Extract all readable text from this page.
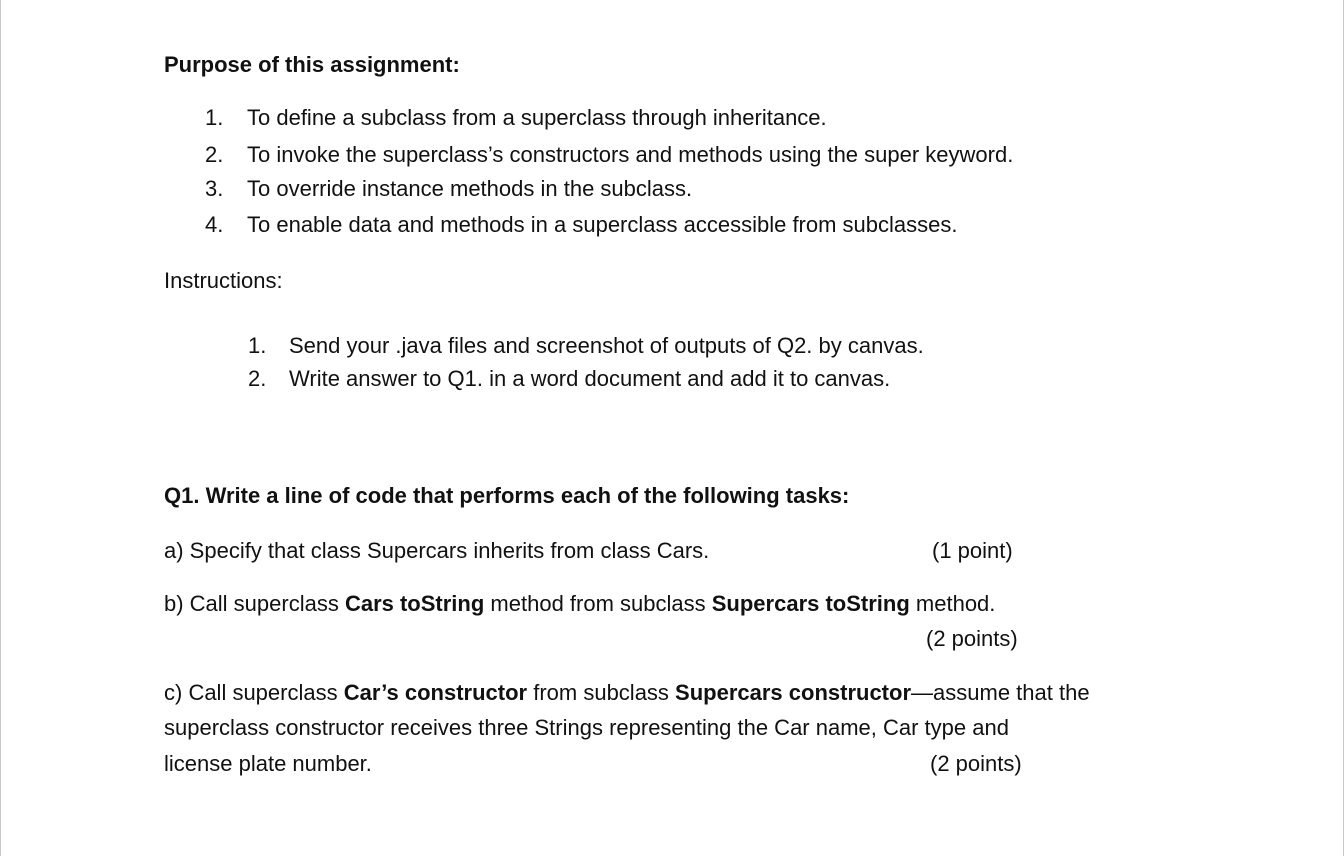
Purpose of this assignment:
1. To define a subclass from a superclass through inheritance.
2. To invoke the superclass’s constructors and methods using the super keyword.
3. To override instance methods in the subclass.
4. To enable data and methods in a superclass accessible from subclasses.
Instructions:
1. Send your .java files and screenshot of outputs of Q2. by canvas.
2. Write answer to Q1. in a word document and add it to canvas.
Q1. Write a line of code that performs each of the following tasks:
a) Specify that class Supercars inherits from class Cars.	(1 point)
b) Call superclass Cars toString method from subclass Supercars toString method.
(2 points)
c) Call superclass Car’s constructor from subclass Supercars constructor—assume that the
superclass constructor receives three Strings representing the Car name, Car type and
license plate number.	(2 points)
